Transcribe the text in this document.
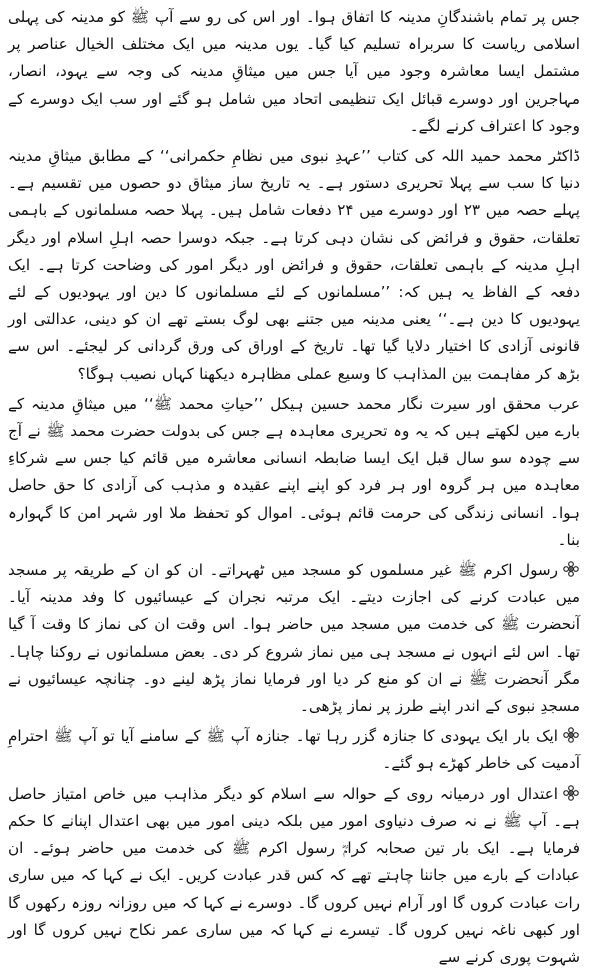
جس پر تمام باشندگانِ مدینہ کا اتفاق ہوا۔ اور اس کی رو سے آپ ﷺ کو مدینہ کی پہلی اسلامی ریاست کا سربراہ تسلیم کیا گیا۔ یوں مدینہ میں ایک مختلف الخیال عناصر پر مشتمل ایسا معاشرہ وجود میں آیا جس میں میثاقِ مدینہ کی وجہ سے یہود، انصار، مہاجرین اور دوسرے قبائل ایک تنظیمی اتحاد میں شامل ہو گئے اور سب ایک دوسرے کے وجود کا اعتراف کرنے لگے۔

ڈاکٹر محمد حمید اللہ کی کتاب ’’عہدِ نبوی میں نظامِ حکمرانی‘‘ کے مطابق میثاقِ مدینہ دنیا کا سب سے پہلا تحریری دستور ہے۔ یہ تاریخ ساز میثاق دو حصوں میں تقسیم ہے۔ پہلے حصہ میں ۲۳ اور دوسرے میں ۲۴ دفعات شامل ہیں۔ پہلا حصہ مسلمانوں کے باہمی تعلقات، حقوق و فرائض کی نشان دہی کرتا ہے۔ جبکہ دوسرا حصہ اہلِ اسلام اور دیگر اہلِ مدینہ کے باہمی تعلقات، حقوق و فرائض اور دیگر امور کی وضاحت کرتا ہے۔ ایک دفعہ کے الفاظ یہ ہیں کہ: ’’مسلمانوں کے لئے مسلمانوں کا دین اور یہودیوں کے لئے یہودیوں کا دین ہے۔‘‘ یعنی مدینہ میں جتنے بھی لوگ بستے تھے ان کو دینی، عدالتی اور قانونی آزادی کا اختیار دلایا گیا تھا۔ تاریخ کے اوراق کی ورق گردانی کر لیجئے۔ اس سے بڑھ کر مفاہمت بین المذاہب کا وسیع عملی مظاہرہ دیکھنا کہاں نصیب ہوگا؟

عرب محقق اور سیرت نگار محمد حسین ہیکل ’’حیاتِ محمد ﷺ‘‘ میں میثاقِ مدینہ کے بارے میں لکھتے ہیں کہ یہ وہ تحریری معاہدہ ہے جس کی بدولت حضرت محمد ﷺ نے آج سے چودہ سو سال قبل ایک ایسا ضابطہ انسانی معاشرہ میں قائم کیا جس سے شرکاءِ معاہدہ میں ہر گروہ اور ہر فرد کو اپنے اپنے عقیدہ و مذہب کی آزادی کا حق حاصل ہوا۔ انسانی زندگی کی حرمت قائم ہوئی۔ اموال کو تحفظ ملا اور شہر امن کا گہوارہ بنا۔

رسول اکرم ﷺ غیر مسلموں کو مسجد میں ٹھہراتے۔ ان کو ان کے طریقہ پر مسجد میں عبادت کرنے کی اجازت دیتے۔ ایک مرتبہ نجران کے عیسائیوں کا وفد مدینہ آیا۔ آنحضرت ﷺ کی خدمت میں مسجد میں حاضر ہوا۔ اس وقت ان کی نماز کا وقت آ گیا تھا۔ اس لئے انہوں نے مسجد ہی میں نماز شروع کر دی۔ بعض مسلمانوں نے روکنا چاہا۔ مگر آنحضرت ﷺ نے ان کو منع کر دیا اور فرمایا نماز پڑھ لینے دو۔ چنانچہ عیسائیوں نے مسجدِ نبوی کے اندر اپنے طرز پر نماز پڑھی۔

ایک بار ایک یہودی کا جنازہ گزر رہا تھا۔ جنازہ آپ ﷺ کے سامنے آیا تو آپ ﷺ احترامِ آدمیت کی خاطر کھڑے ہو گئے۔

اعتدال اور درمیانہ روی کے حوالہ سے اسلام کو دیگر مذاہب میں خاص امتیاز حاصل ہے۔ آپ ﷺ نے نہ صرف دنیاوی امور میں بلکہ دینی امور میں بھی اعتدال اپنانے کا حکم فرمایا ہے۔ ایک بار تین صحابہ کرامؓ رسول اکرم ﷺ کی خدمت میں حاضر ہوئے۔ ان عبادات کے بارے میں جاننا چاہتے تھے کہ کس قدر عبادت کریں۔ ایک نے کہا کہ میں ساری رات عبادت کروں گا اور آرام نہیں کروں گا۔ دوسرے نے کہا کہ میں روزانہ روزہ رکھوں گا اور کبھی ناغہ نہیں کروں گا۔ تیسرے نے کہا کہ میں ساری عمر نکاح نہیں کروں گا اور شہوت پوری کرنے سے
